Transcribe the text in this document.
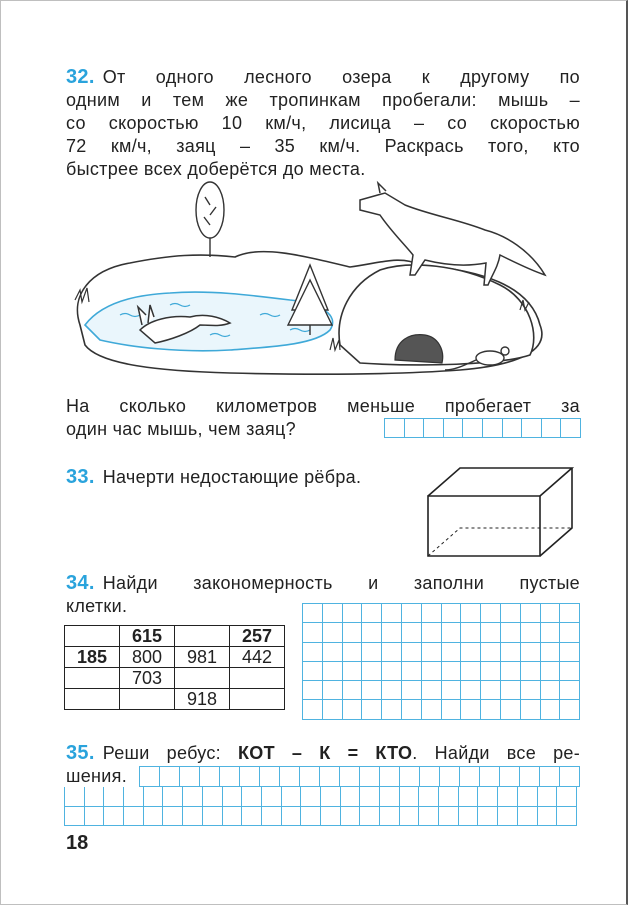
32. От одного лесного озера к другому по
одним и тем же тропинкам пробегали: мышь –
со скоростью 10 км/ч, лисица – со скоростью
72 км/ч, заяц – 35 км/ч. Раскрась того, кто
быстрее всех доберётся до места.
На сколько километров меньше пробегает за
один час мышь, чем заяц?
33. Начерти недостающие рёбра.
34. Найди закономерность и заполни пустые
клетки.
	615		257
185	800	981	442
	703		
		918	
35. Реши ребус: КОТ – К = КТО. Найди все ре-
шения.
18
